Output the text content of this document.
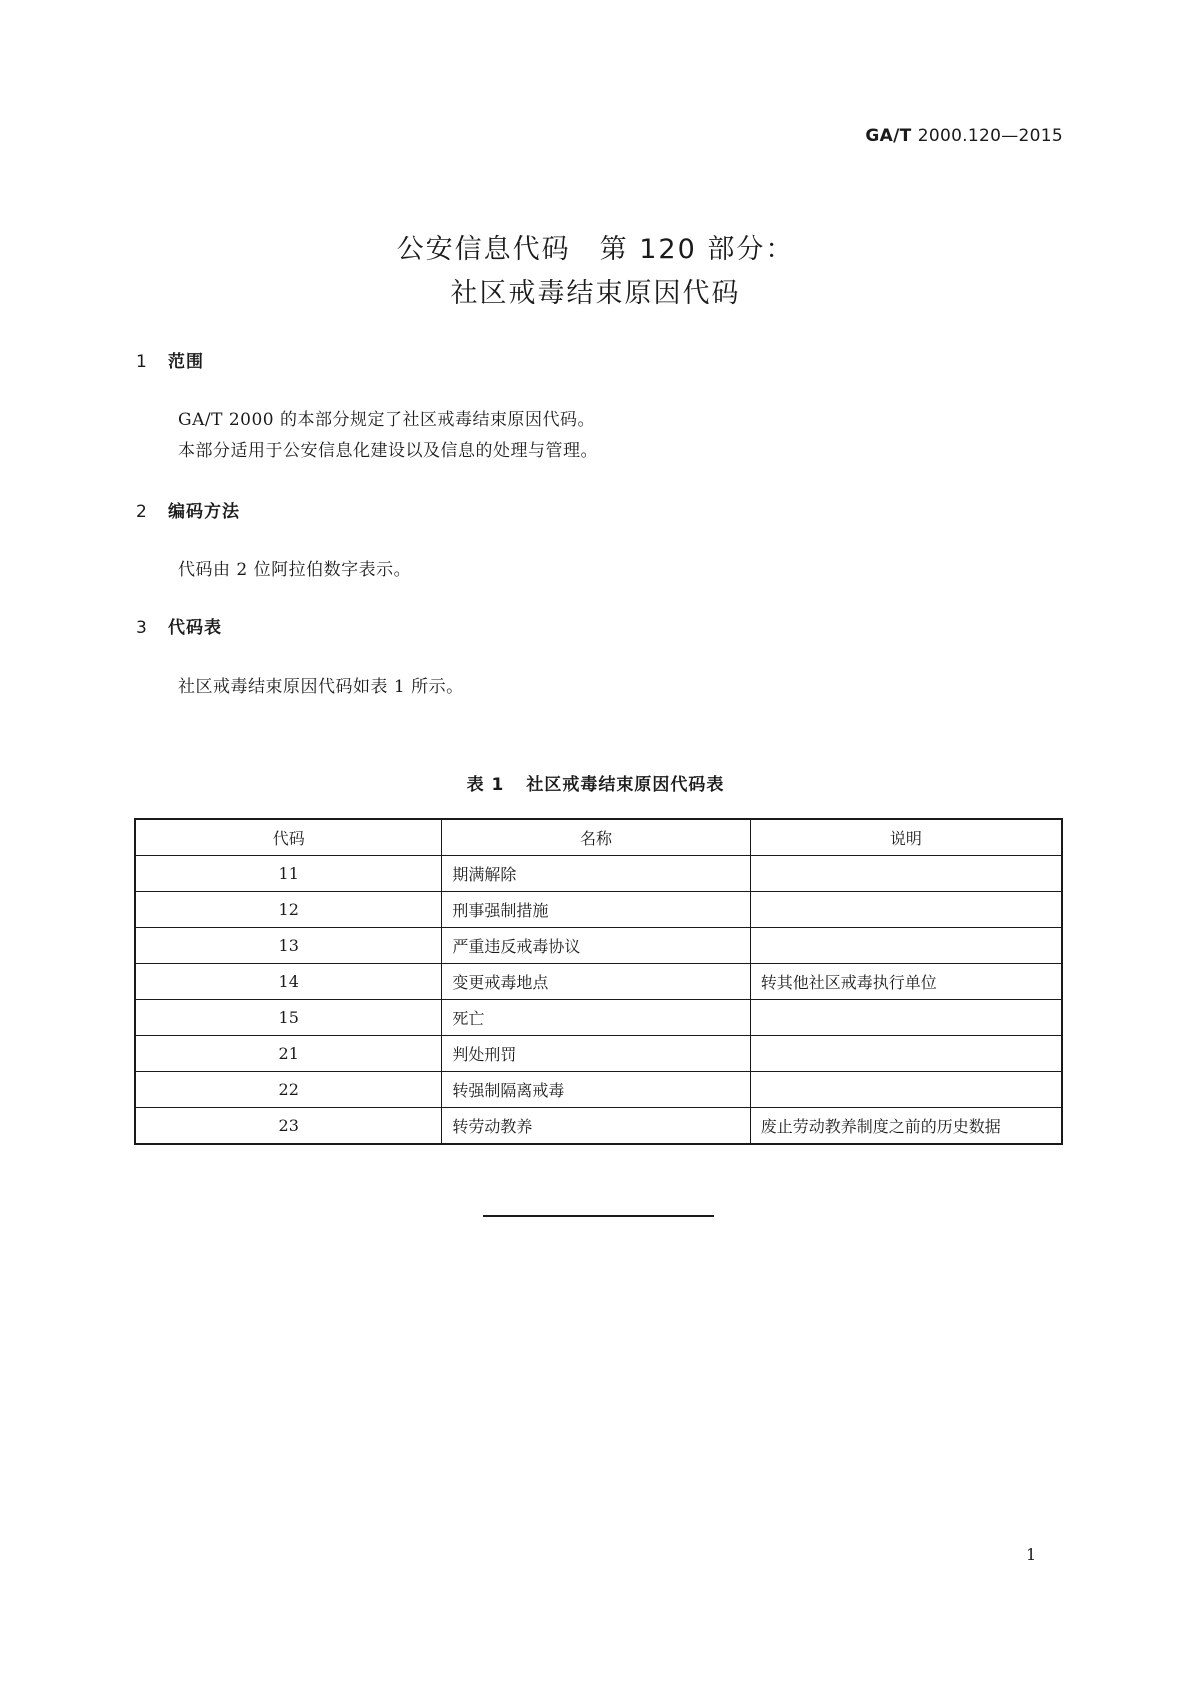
GA/T 2000.120—2015
公安信息代码　第 120 部分：
社区戒毒结束原因代码
1 范围
GA/T 2000 的本部分规定了社区戒毒结束原因代码。
本部分适用于公安信息化建设以及信息的处理与管理。
2 编码方法
代码由 2 位阿拉伯数字表示。
3 代码表
社区戒毒结束原因代码如表 1 所示。
表 1 社区戒毒结束原因代码表
代码	名称	说明
11	期满解除	
12	刑事强制措施	
13	严重违反戒毒协议	
14	变更戒毒地点	转其他社区戒毒执行单位
15	死亡	
21	判处刑罚	
22	转强制隔离戒毒	
23	转劳动教养	废止劳动教养制度之前的历史数据
1
